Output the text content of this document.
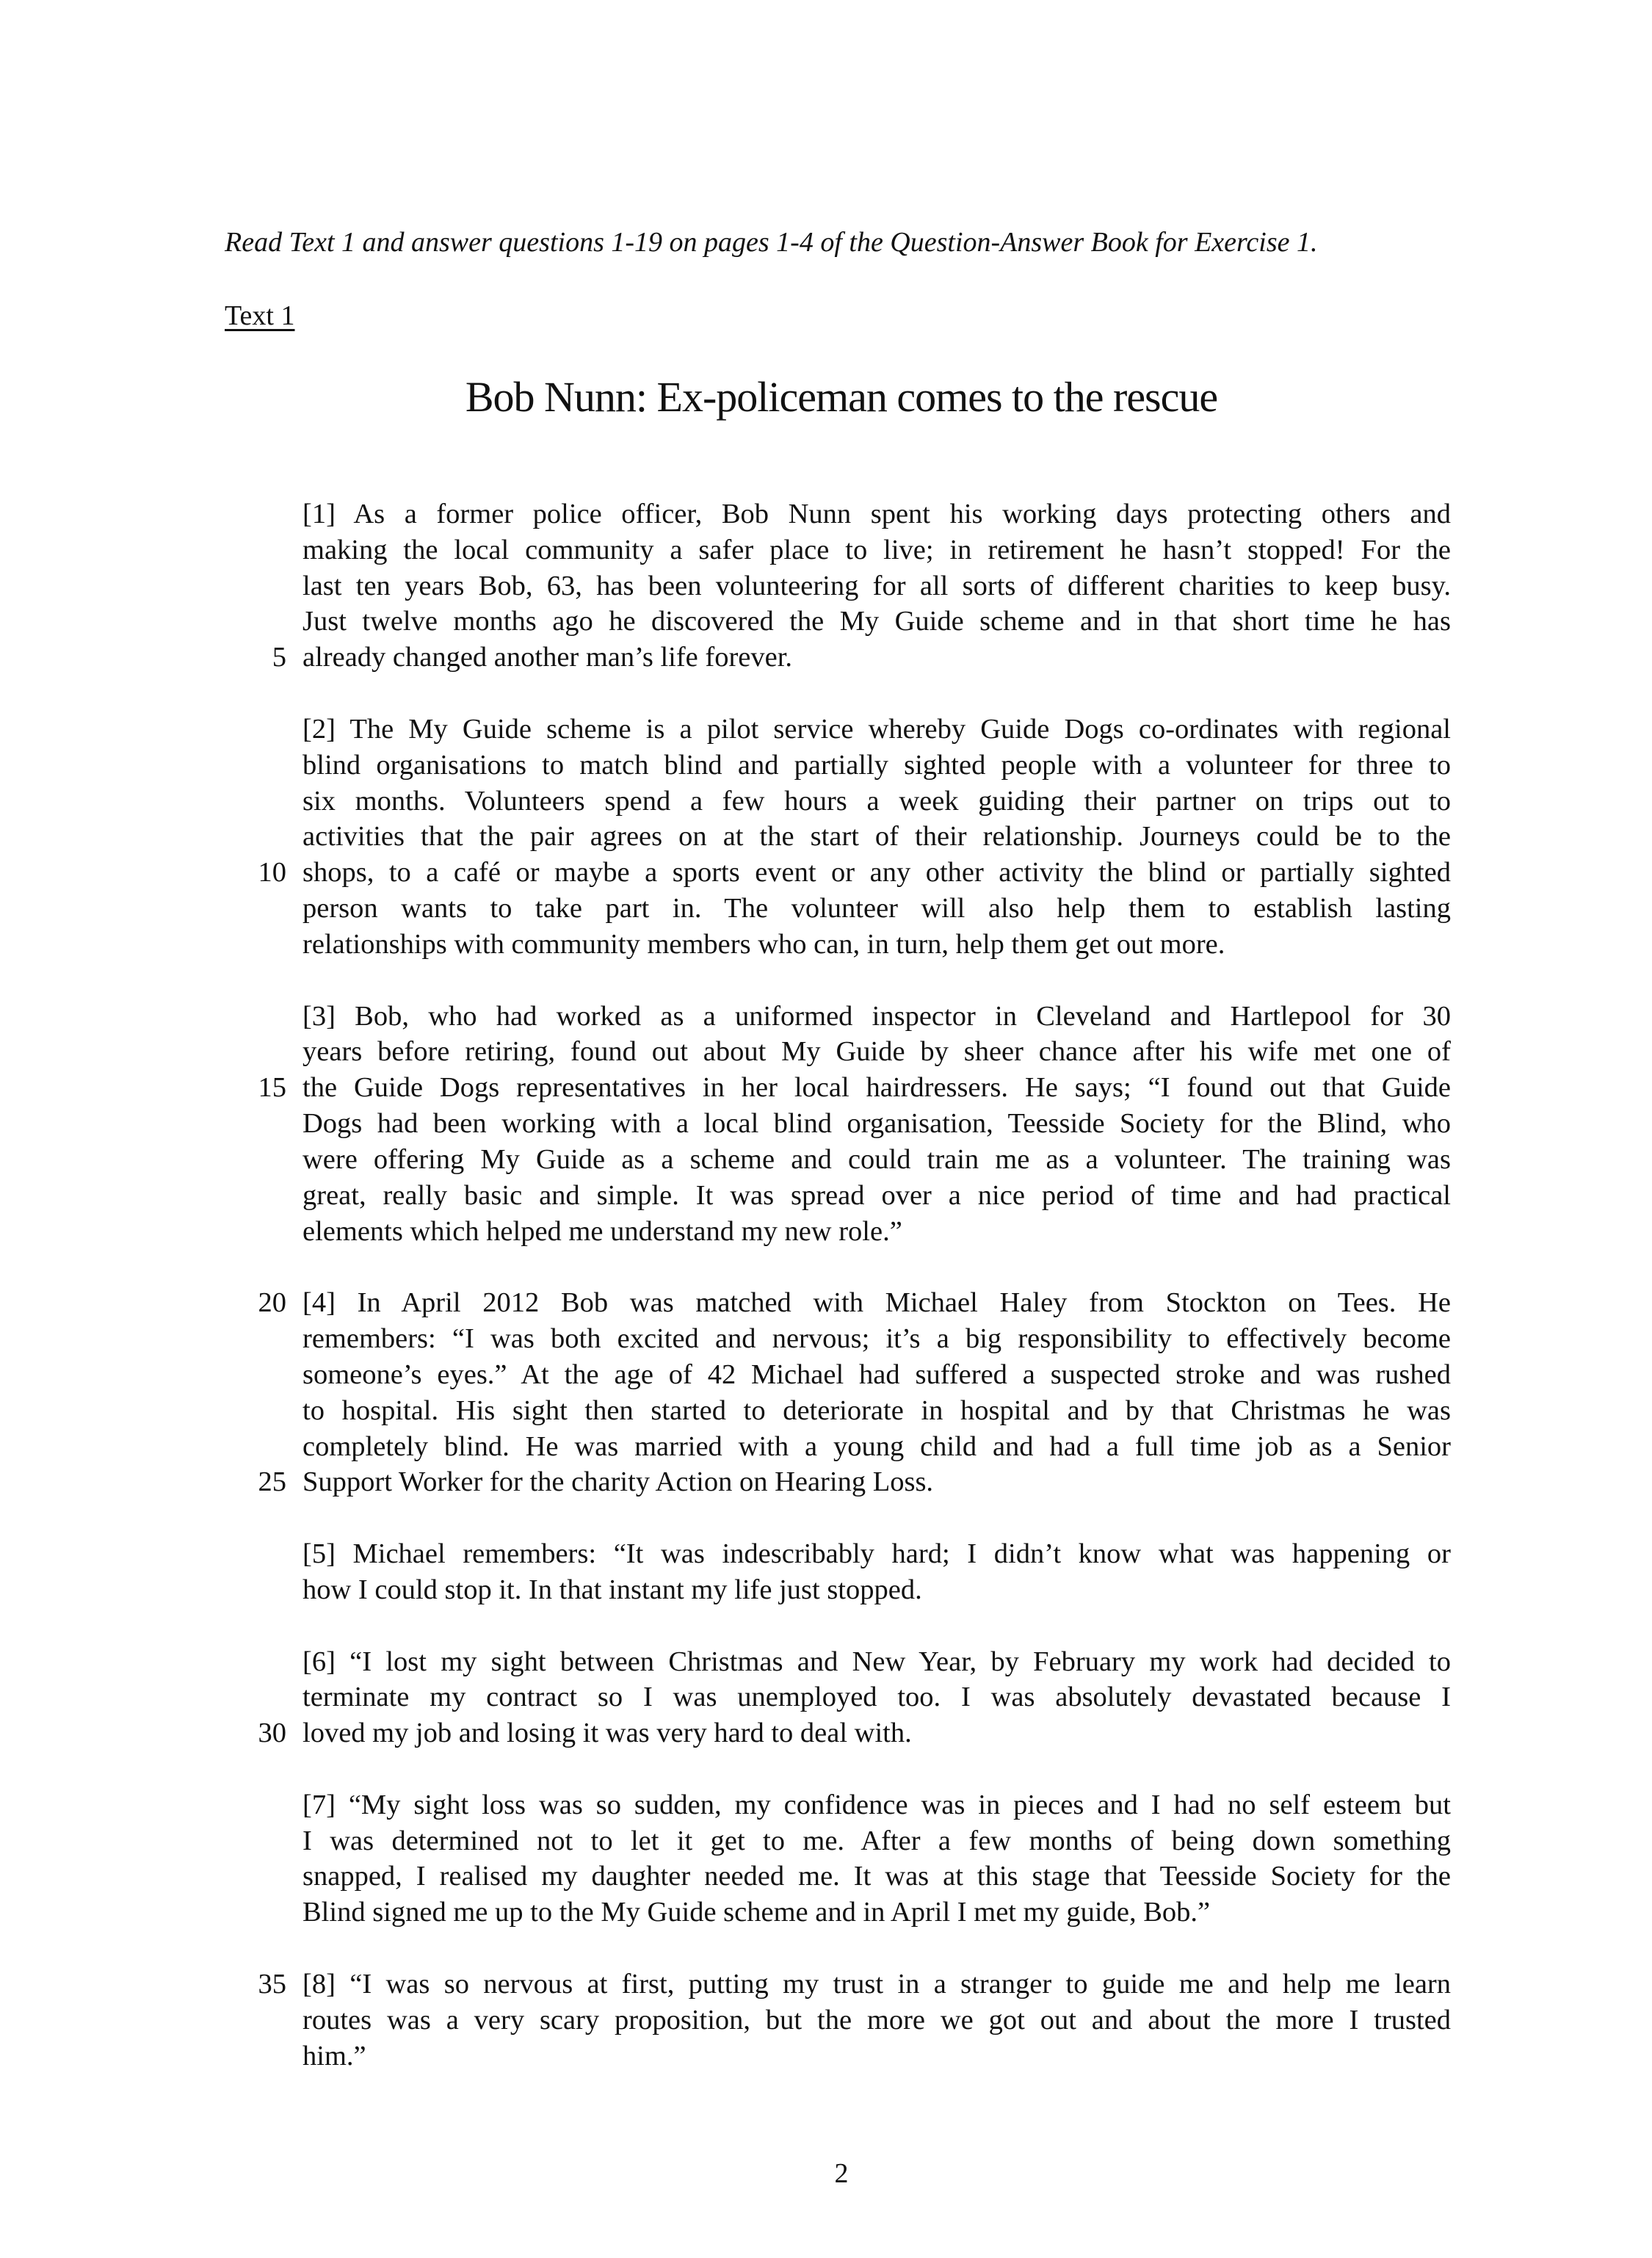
Read Text 1 and answer questions 1-19 on pages 1-4 of the Question-Answer Book for Exercise 1.
Text 1
Bob Nunn: Ex-policeman comes to the rescue
[1] As a former police officer, Bob Nunn spent his working days protecting others and
making the local community a safer place to live; in retirement he hasn’t stopped! For the
last ten years Bob, 63, has been volunteering for all sorts of different charities to keep busy.
Just twelve months ago he discovered the My Guide scheme and in that short time he has
already changed another man’s life forever.
5
[2] The My Guide scheme is a pilot service whereby Guide Dogs co-ordinates with regional
blind organisations to match blind and partially sighted people with a volunteer for three to
six months. Volunteers spend a few hours a week guiding their partner on trips out to
activities that the pair agrees on at the start of their relationship. Journeys could be to the
shops, to a café or maybe a sports event or any other activity the blind or partially sighted
10
person wants to take part in. The volunteer will also help them to establish lasting
relationships with community members who can, in turn, help them get out more.
[3] Bob, who had worked as a uniformed inspector in Cleveland and Hartlepool for 30
years before retiring, found out about My Guide by sheer chance after his wife met one of
the Guide Dogs representatives in her local hairdressers. He says; “I found out that Guide
15
Dogs had been working with a local blind organisation, Teesside Society for the Blind, who
were offering My Guide as a scheme and could train me as a volunteer. The training was
great, really basic and simple. It was spread over a nice period of time and had practical
elements which helped me understand my new role.”
[4] In April 2012 Bob was matched with Michael Haley from Stockton on Tees. He
20
remembers: “I was both excited and nervous; it’s a big responsibility to effectively become
someone’s eyes.” At the age of 42 Michael had suffered a suspected stroke and was rushed
to hospital. His sight then started to deteriorate in hospital and by that Christmas he was
completely blind. He was married with a young child and had a full time job as a Senior
Support Worker for the charity Action on Hearing Loss.
25
[5] Michael remembers: “It was indescribably hard; I didn’t know what was happening or
how I could stop it. In that instant my life just stopped.
[6] “I lost my sight between Christmas and New Year, by February my work had decided to
terminate my contract so I was unemployed too. I was absolutely devastated because I
loved my job and losing it was very hard to deal with.
30
[7] “My sight loss was so sudden, my confidence was in pieces and I had no self esteem but
I was determined not to let it get to me. After a few months of being down something
snapped, I realised my daughter needed me. It was at this stage that Teesside Society for the
Blind signed me up to the My Guide scheme and in April I met my guide, Bob.”
[8] “I was so nervous at first, putting my trust in a stranger to guide me and help me learn
35
routes was a very scary proposition, but the more we got out and about the more I trusted
him.”
2
